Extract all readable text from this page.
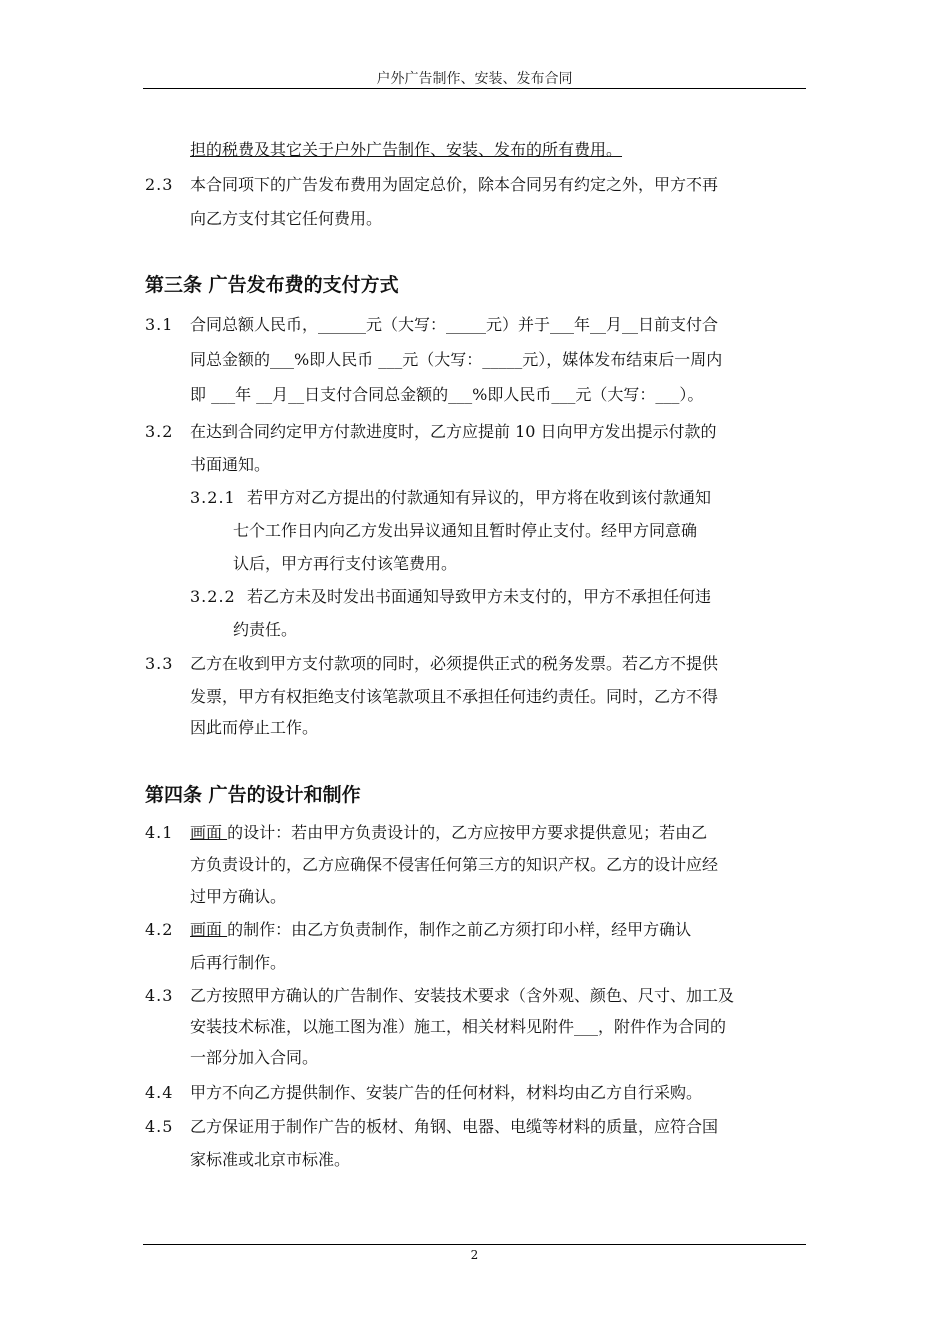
户外广告制作、安装、发布合同
担的税费及其它关于户外广告制作、安装、发布的所有费用。
2.3 本合同项下的广告发布费用为固定总价，除本合同另有约定之外，甲方不再
向乙方支付其它任何费用。
第三条 广告发布费的支付方式
3.1 合同总额人民币，______元（大写：_____元）并于___年__月__日前支付合
同总金额的___%即人民币 ___元（大写：_____元），媒体发布结束后一周内
即 ___年 __月__日支付合同总金额的___%即人民币___元（大写：___）。
3.2 在达到合同约定甲方付款进度时，乙方应提前 10 日向甲方发出提示付款的
书面通知。
3.2.1 若甲方对乙方提出的付款通知有异议的，甲方将在收到该付款通知
七个工作日内向乙方发出异议通知且暂时停止支付。经甲方同意确
认后，甲方再行支付该笔费用。
3.2.2 若乙方未及时发出书面通知导致甲方未支付的，甲方不承担任何违
约责任。
3.3 乙方在收到甲方支付款项的同时，必须提供正式的税务发票。若乙方不提供
发票，甲方有权拒绝支付该笔款项且不承担任何违约责任。同时，乙方不得
因此而停止工作。
第四条 广告的设计和制作
4.1 画面 的设计：若由甲方负责设计的，乙方应按甲方要求提供意见；若由乙
方负责设计的，乙方应确保不侵害任何第三方的知识产权。乙方的设计应经
过甲方确认。
4.2 画面 的制作：由乙方负责制作，制作之前乙方须打印小样，经甲方确认
后再行制作。
4.3 乙方按照甲方确认的广告制作、安装技术要求（含外观、颜色、尺寸、加工及
安装技术标准，以施工图为准）施工，相关材料见附件___，附件作为合同的
一部分加入合同。
4.4 甲方不向乙方提供制作、安装广告的任何材料，材料均由乙方自行采购。
4.5 乙方保证用于制作广告的板材、角钢、电器、电缆等材料的质量，应符合国
家标准或北京市标准。
2
